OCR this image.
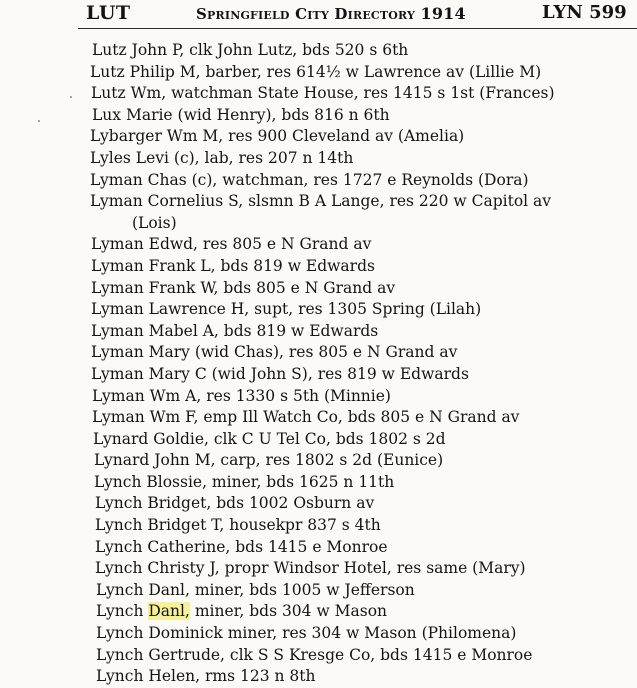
LUT	Springfield City Directory 1914	LYN 599
Lutz John P, clk John Lutz, bds 520 s 6th
Lutz Philip M, barber, res 614½ w Lawrence av (Lillie M)
Lutz Wm, watchman State House, res 1415 s 1st (Frances)
Lux Marie (wid Henry), bds 816 n 6th
Lybarger Wm M, res 900 Cleveland av (Amelia)
Lyles Levi (c), lab, res 207 n 14th
Lyman Chas (c), watchman, res 1727 e Reynolds (Dora)
Lyman Cornelius S, slsmn B A Lange, res 220 w Capitol av
(Lois)
Lyman Edwd, res 805 e N Grand av
Lyman Frank L, bds 819 w Edwards
Lyman Frank W, bds 805 e N Grand av
Lyman Lawrence H, supt, res 1305 Spring (Lilah)
Lyman Mabel A, bds 819 w Edwards
Lyman Mary (wid Chas), res 805 e N Grand av
Lyman Mary C (wid John S), res 819 w Edwards
Lyman Wm A, res 1330 s 5th (Minnie)
Lyman Wm F, emp Ill Watch Co, bds 805 e N Grand av
Lynard Goldie, clk C U Tel Co, bds 1802 s 2d
Lynard John M, carp, res 1802 s 2d (Eunice)
Lynch Blossie, miner, bds 1625 n 11th
Lynch Bridget, bds 1002 Osburn av
Lynch Bridget T, housekpr 837 s 4th
Lynch Catherine, bds 1415 e Monroe
Lynch Christy J, propr Windsor Hotel, res same (Mary)
Lynch Danl, miner, bds 1005 w Jefferson
Lynch Danl, miner, bds 304 w Mason
Lynch Dominick miner, res 304 w Mason (Philomena)
Lynch Gertrude, clk S S Kresge Co, bds 1415 e Monroe
Lynch Helen, rms 123 n 8th
